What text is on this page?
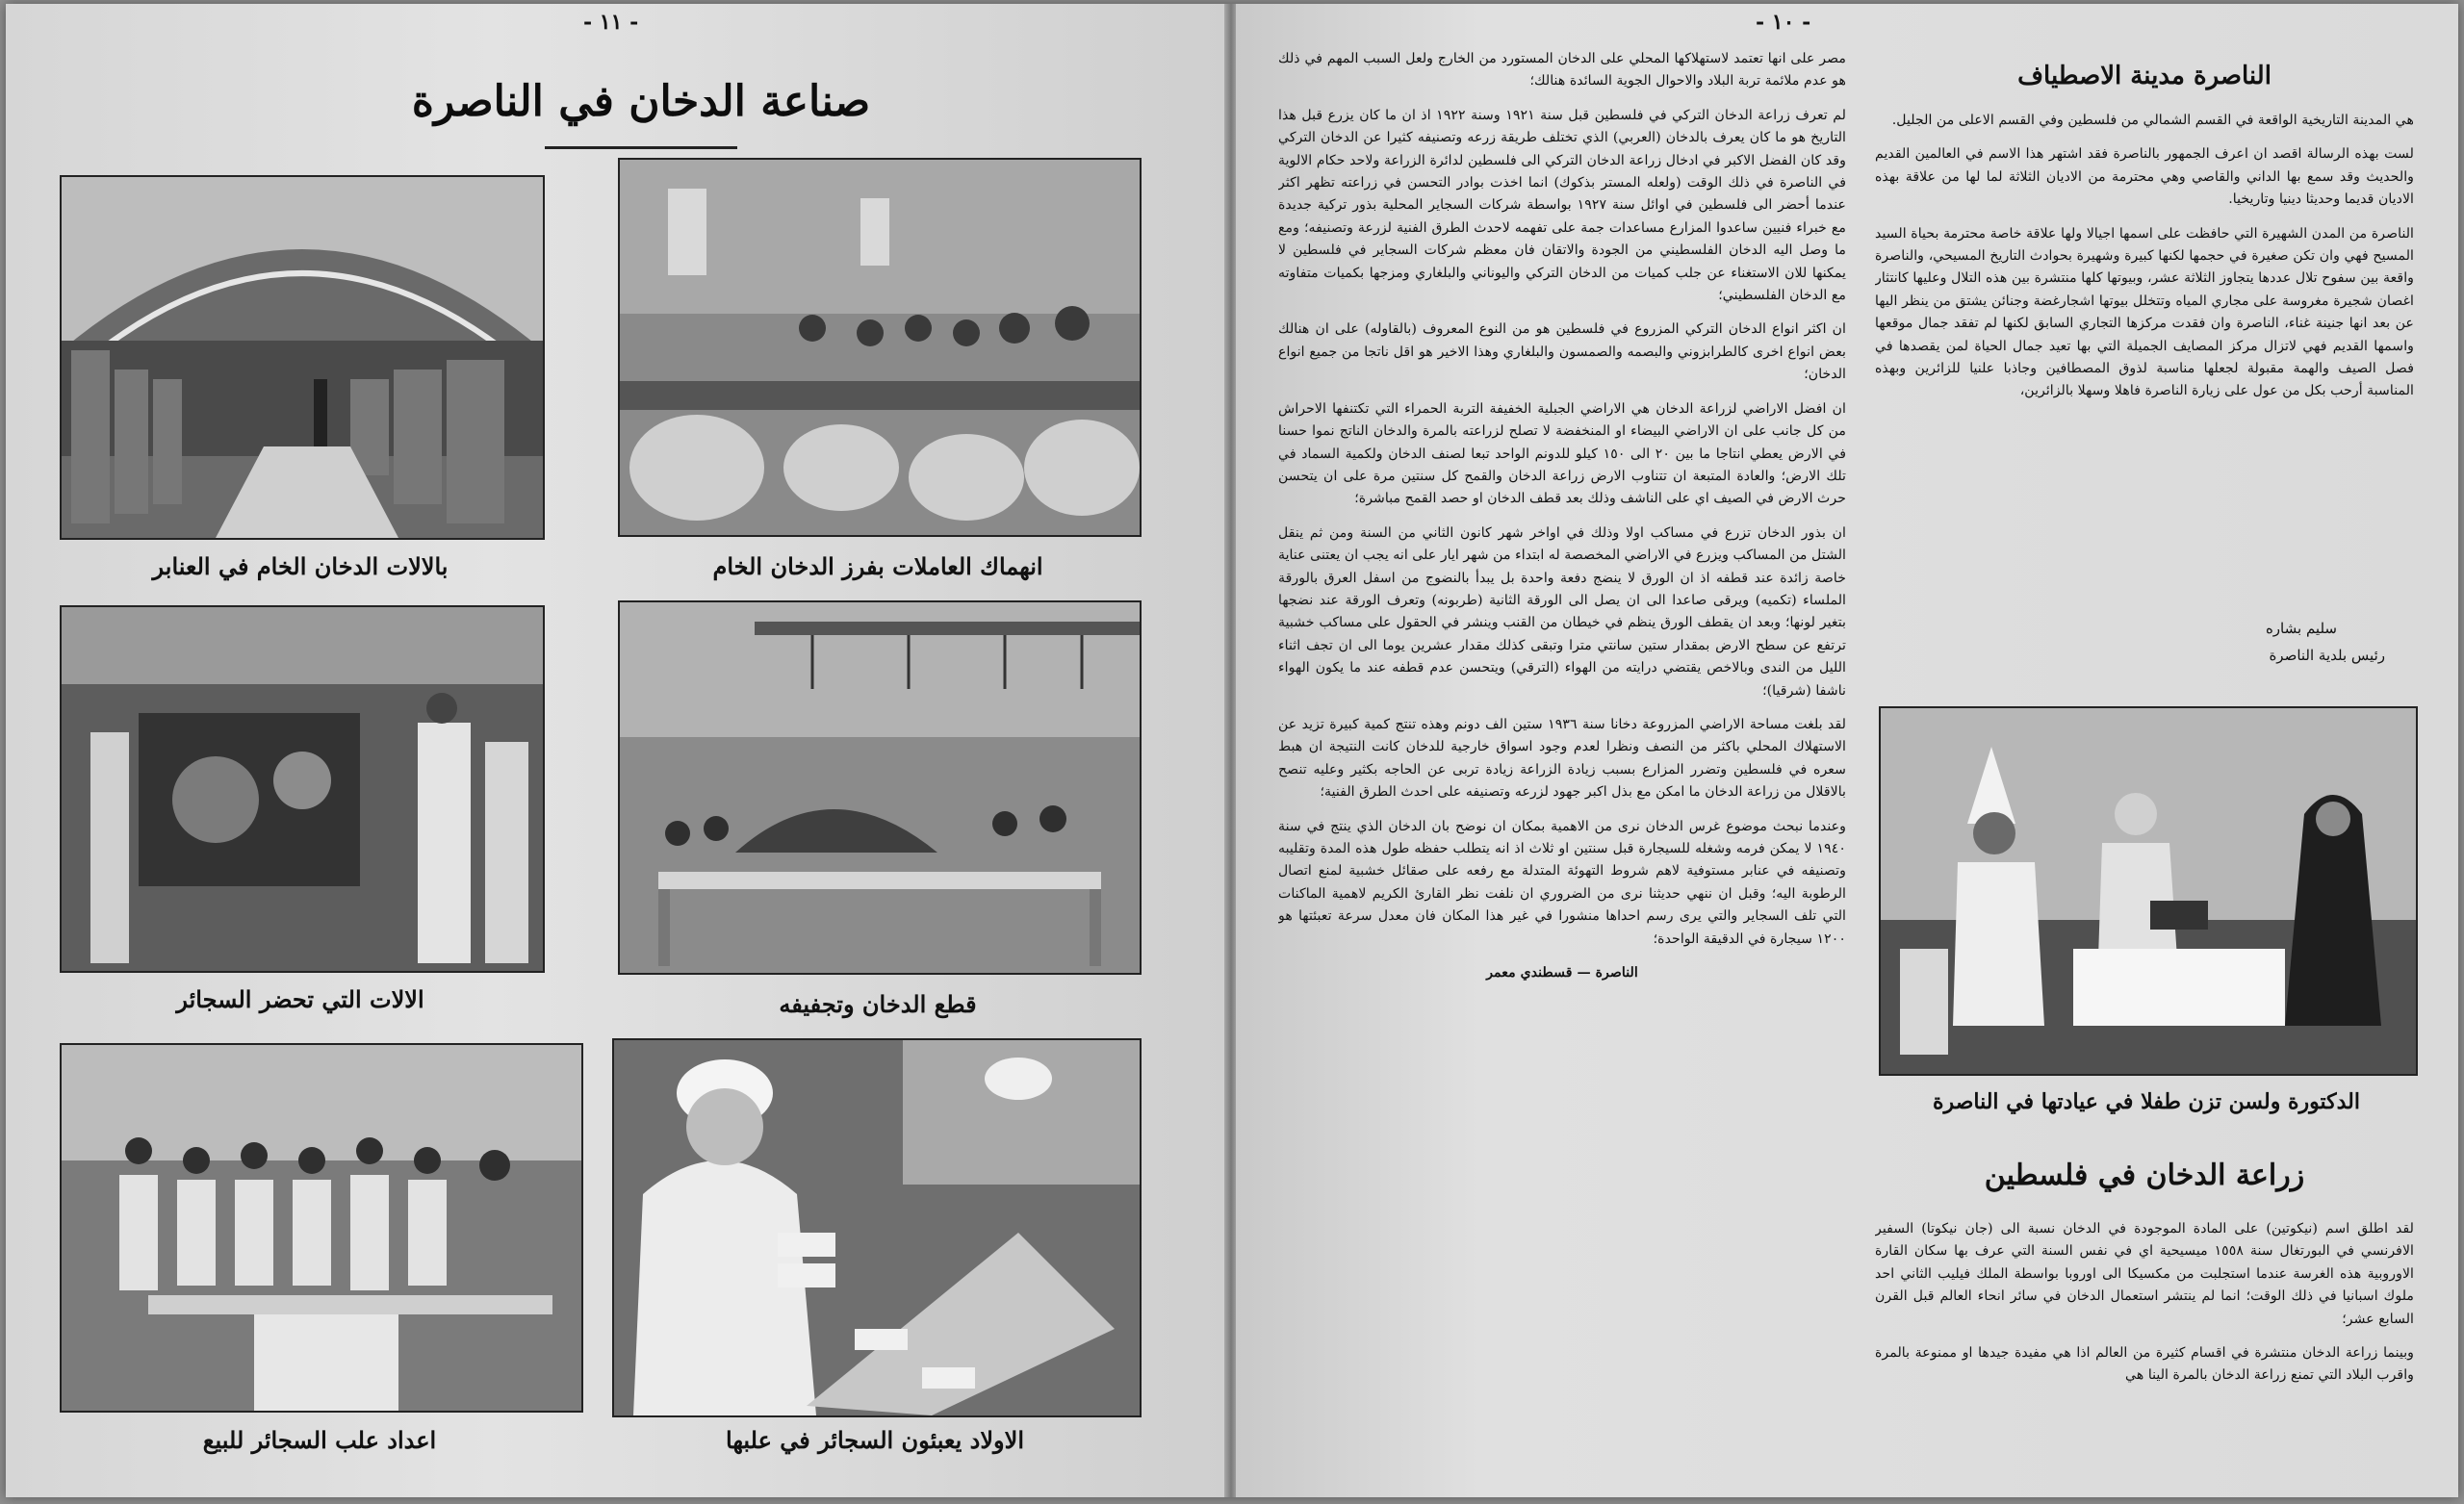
- ١١ -
صناعة الدخان في الناصرة
بالالات الدخان الخام في العنابر	انهماك العاملات بفرز الدخان الخام
الالات التي تحضر السجائر	قطع الدخان وتجفيفه
اعداد علب السجائر للبيع	الاولاد يعبئون السجائر في علبها
- ١٠ -

مصر على انها تعتمد لاستهلاكها المحلي على الدخان المستورد من الخارج ولعل السبب المهم في ذلك هو عدم ملائمة تربة البلاد والاحوال الجوية السائدة هنالك؛

لم تعرف زراعة الدخان التركي في فلسطين قبل سنة ١٩٢١ وسنة ١٩٢٢ اذ ان ما كان يزرع قبل هذا التاريخ هو ما كان يعرف بالدخان (العربي) الذي تختلف طريقة زرعه وتصنيفه كثيرا عن الدخان التركي وقد كان الفضل الاكبر في ادخال زراعة الدخان التركي الى فلسطين لدائرة الزراعة ولاحد حكام الالوية في الناصرة في ذلك الوقت (ولعله المستر بذكوك) انما اخذت بوادر التحسن في زراعته تظهر اكثر عندما أحضر الى فلسطين في اوائل سنة ١٩٢٧ بواسطة شركات السجاير المحلية بذور تركية جديدة مع خبراء فنيين ساعدوا المزارع مساعدات جمة على تفهمه لاحدث الطرق الفنية لزرعة وتصنيفه؛ ومع ما وصل اليه الدخان الفلسطيني من الجودة والاتقان فان معظم شركات السجاير في فلسطين لا يمكنها للان الاستغناء عن جلب كميات من الدخان التركي واليوناني والبلغاري ومزجها بكميات متفاوته مع الدخان الفلسطيني؛

ان اكثر انواع الدخان التركي المزروع في فلسطين هو من النوع المعروف (بالقاوله) على ان هنالك بعض انواع اخرى كالطرابزوني والبصمه والصمسون والبلغاري وهذا الاخير هو اقل ناتجا من جميع انواع الدخان؛

ان افضل الاراضي لزراعة الدخان هي الاراضي الجبلية الخفيفة التربة الحمراء التي تكتنفها الاحراش من كل جانب على ان الاراضي البيضاء او المنخفضة لا تصلح لزراعته بالمرة والدخان الناتج نموا حسنا في الارض يعطي انتاجا ما بين ٢٠ الى ١٥٠ كيلو للدونم الواحد تبعا لصنف الدخان ولكمية السماد في تلك الارض؛ والعادة المتبعة ان تتناوب الارض زراعة الدخان والقمح كل سنتين مرة على ان يتحسن حرث الارض في الصيف اي على الناشف وذلك بعد قطف الدخان او حصد القمح مباشرة؛

ان بذور الدخان تزرع في مساكب اولا وذلك في اواخر شهر كانون الثاني من السنة ومن ثم ينقل الشتل من المساكب ويزرع في الاراضي المخصصة له ابتداء من شهر ايار على انه يجب ان يعتنى عناية خاصة زائدة عند قطفه اذ ان الورق لا ينضج دفعة واحدة بل يبدأ بالنضوج من اسفل العرق بالورقة الملساء (تكميه) ويرقى صاعدا الى ان يصل الى الورقة الثانية (طربونه) وتعرف الورقة عند نضجها بتغير لونها؛ وبعد ان يقطف الورق ينظم في خيطان من القنب وينشر في الحقول على مساكب خشبية ترتفع عن سطح الارض بمقدار ستين سانتي مترا وتبقى كذلك مقدار عشرين يوما الى ان تجف اثناء الليل من الندى وبالاخص يقتضي درايته من الهواء (الترقي) ويتحسن عدم قطفه عند ما يكون الهواء ناشفا (شرقيا)؛

لقد بلغت مساحة الاراضي المزروعة دخانا سنة ١٩٣٦ ستين الف دونم وهذه تنتج كمية كبيرة تزيد عن الاستهلاك المحلي باكثر من النصف ونظرا لعدم وجود اسواق خارجية للدخان كانت النتيجة ان هبط سعره في فلسطين وتضرر المزارع بسبب زيادة الزراعة زيادة تربى عن الحاجه بكثير وعليه تنصح بالاقلال من زراعة الدخان ما امكن مع بذل اكبر جهود لزرعه وتصنيفه على احدث الطرق الفنية؛

وعندما نبحث موضوع غرس الدخان نرى من الاهمية بمكان ان نوضح بان الدخان الذي ينتج في سنة ١٩٤٠ لا يمكن فرمه وشغله للسيجارة قبل سنتين او ثلاث اذ انه يتطلب حفظه طول هذه المدة وتقليبه وتصنيفه في عنابر مستوفية لاهم شروط التهوئة المتدلة مع رفعه على صقائل خشبية لمنع اتصال الرطوبة اليه؛ وقبل ان ننهي حديثنا نرى من الضروري ان نلفت نظر القارئ الكريم لاهمية الماكنات التي تلف السجاير والتي يرى رسم احداها منشورا في غير هذا المكان فان معدل سرعة تعبئتها هو ١٢٠٠ سيجارة في الدقيقة الواحدة؛

الناصرة — قسطندي معمر

الناصرة مدينة الاصطياف

هي المدينة التاريخية الواقعة في القسم الشمالي من فلسطين وفي القسم الاعلى من الجليل.

لست بهذه الرسالة اقصد ان اعرف الجمهور بالناصرة فقد اشتهر هذا الاسم في العالمين القديم والحديث وقد سمع بها الداني والقاصي وهي محترمة من الاديان الثلاثة لما لها من علاقة بهذه الاديان قديما وحديثا دينيا وتاريخيا.

الناصرة من المدن الشهيرة التي حافظت على اسمها اجيالا ولها علاقة خاصة محترمة بحياة السيد المسيح فهي وان تكن صغيرة في حجمها لكنها كبيرة وشهيرة بحوادث التاريخ المسيحي، والناصرة واقعة بين سفوح تلال عددها يتجاوز الثلاثة عشر، وبيوتها كلها منتشرة بين هذه التلال وعليها كانتثار اغصان شجيرة مغروسة على مجاري المياه وتتخلل بيوتها اشجارغضة وجنائن يشتق من ينظر اليها عن بعد انها جنينة غناء، الناصرة وان فقدت مركزها التجاري السابق لكنها لم تفقد جمال موقعها واسمها القديم فهي لاتزال مركز المصايف الجميلة التي بها تعيد جمال الحياة لمن يقصدها في فصل الصيف والهمة مقبولة لجعلها مناسبة لذوق المصطافين وجاذبا علنيا للزائرين وبهذه المناسبة أرحب بكل من عول على زيارة الناصرة فاهلا وسهلا بالزائرين،

سليم بشاره
رئيس بلدية الناصرة
الدكتورة ولسن تزن طفلا في عيادتها في الناصرة
زراعة الدخان في فلسطين

لقد اطلق اسم (نيكوتين) على المادة الموجودة في الدخان نسبة الى (جان نيكوتا) السفير الافرنسي في البورتغال سنة ١٥٥٨ ميسيحية اي في نفس السنة التي عرف بها سكان القارة الاوروبية هذه الغرسة عندما استجلبت من مكسيكا الى اوروبا بواسطة الملك فيليب الثاني احد ملوك اسبانيا في ذلك الوقت؛ انما لم ينتشر استعمال الدخان في سائر انحاء العالم قبل القرن السابع عشر؛

وبينما زراعة الدخان منتشرة في اقسام كثيرة من العالم اذا هي مفيدة جيدها او ممنوعة بالمرة واقرب البلاد التي تمنع زراعة الدخان بالمرة الينا هي
